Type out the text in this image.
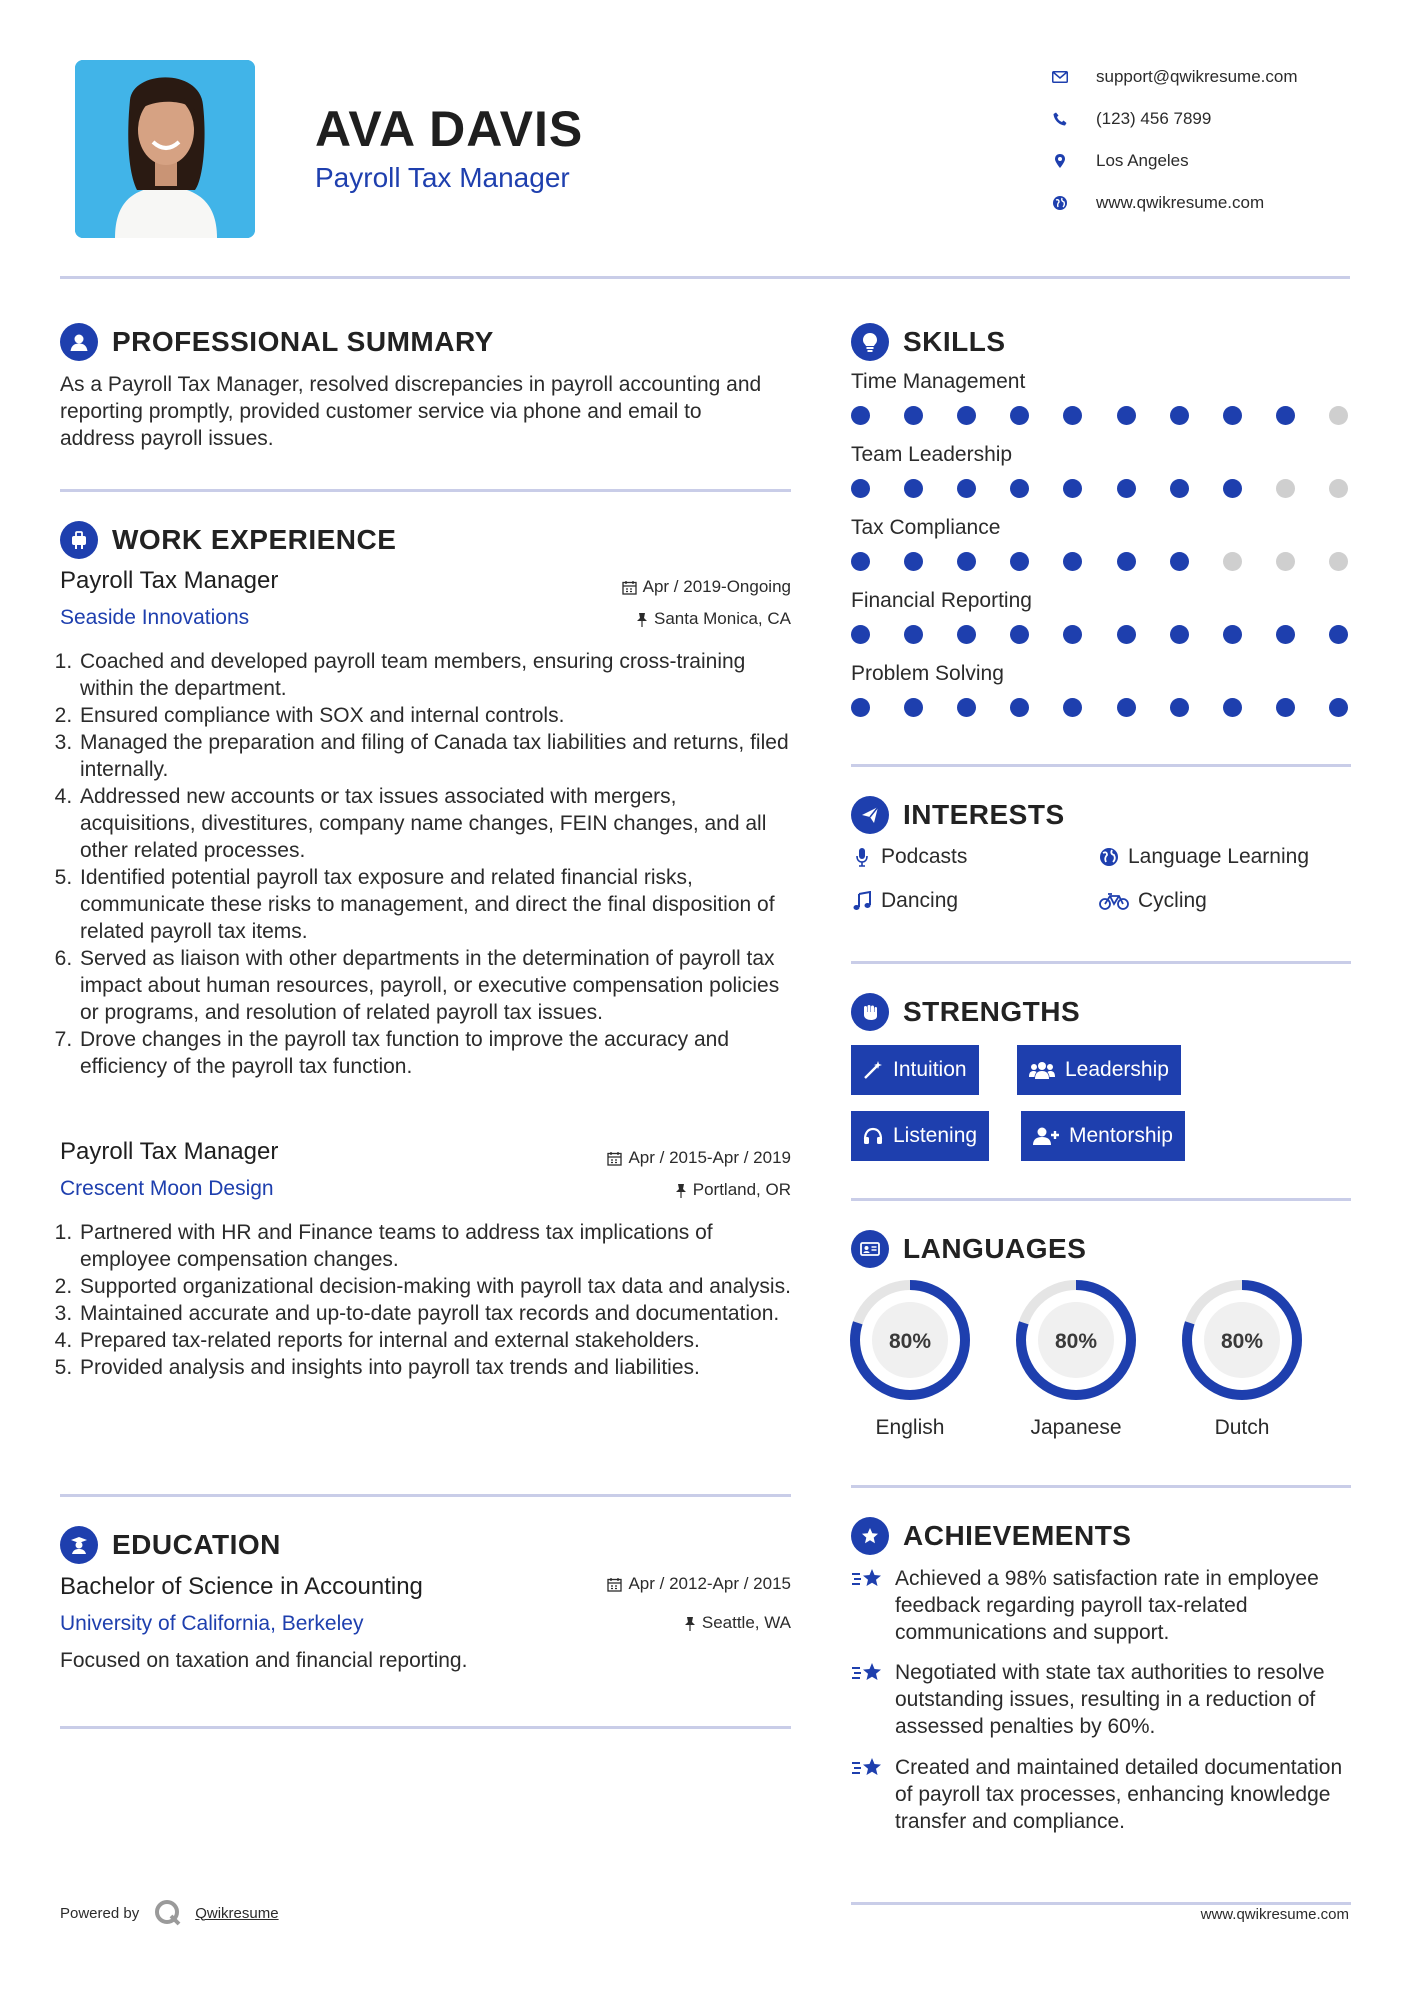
AVA DAVIS
Payroll Tax Manager
support@qwikresume.com
(123) 456 7899
Los Angeles
www.qwikresume.com
PROFESSIONAL SUMMARY
As a Payroll Tax Manager, resolved discrepancies in payroll accounting and reporting promptly, provided customer service via phone and email to address payroll issues.
WORK EXPERIENCE
Payroll Tax Manager	Apr / 2019-Ongoing
Seaside Innovations	Santa Monica, CA
1. Coached and developed payroll team members, ensuring cross-training within the department.
2. Ensured compliance with SOX and internal controls.
3. Managed the preparation and filing of Canada tax liabilities and returns, filed internally.
4. Addressed new accounts or tax issues associated with mergers, acquisitions, divestitures, company name changes, FEIN changes, and all other related processes.
5. Identified potential payroll tax exposure and related financial risks, communicate these risks to management, and direct the final disposition of related payroll tax items.
6. Served as liaison with other departments in the determination of payroll tax impact about human resources, payroll, or executive compensation policies or programs, and resolution of related payroll tax issues.
7. Drove changes in the payroll tax function to improve the accuracy and efficiency of the payroll tax function.
Payroll Tax Manager	Apr / 2015-Apr / 2019
Crescent Moon Design	Portland, OR
1. Partnered with HR and Finance teams to address tax implications of employee compensation changes.
2. Supported organizational decision-making with payroll tax data and analysis.
3. Maintained accurate and up-to-date payroll tax records and documentation.
4. Prepared tax-related reports for internal and external stakeholders.
5. Provided analysis and insights into payroll tax trends and liabilities.
EDUCATION
Bachelor of Science in Accounting	Apr / 2012-Apr / 2015
University of California, Berkeley	Seattle, WA
Focused on taxation and financial reporting.
SKILLS
Time Management
Team Leadership
Tax Compliance
Financial Reporting
Problem Solving
INTERESTS
Podcasts	Language Learning
Dancing	Cycling
STRENGTHS
Intuition	Leadership
Listening	Mentorship
LANGUAGES
80%
English
80%
Japanese
80%
Dutch
ACHIEVEMENTS
Achieved a 98% satisfaction rate in employee feedback regarding payroll tax-related communications and support.
Negotiated with state tax authorities to resolve outstanding issues, resulting in a reduction of assessed penalties by 60%.
Created and maintained detailed documentation of payroll tax processes, enhancing knowledge transfer and compliance.
Powered by	Qwikresume	www.qwikresume.com
